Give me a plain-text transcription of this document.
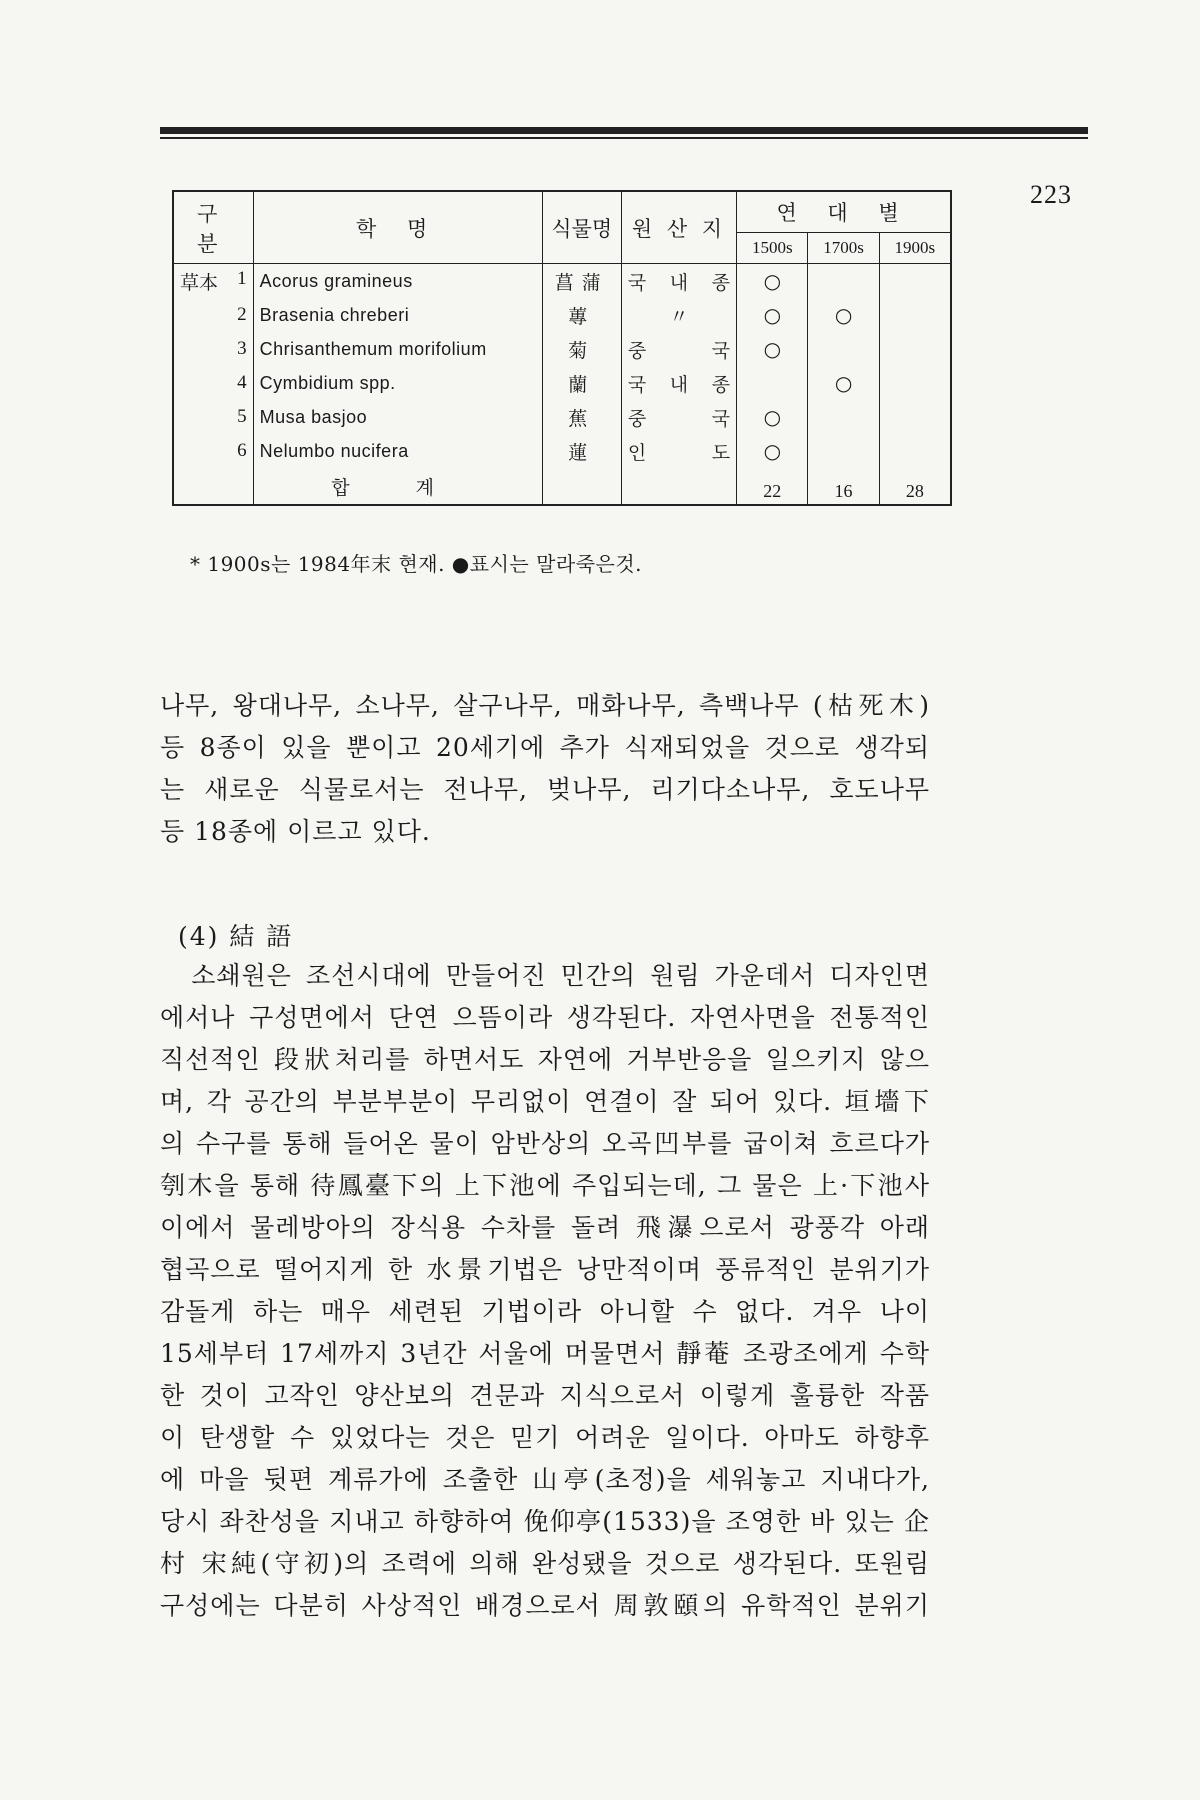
223
구 분	학 명	식물명	원 산 지	연 대 별		
				1500s	1700s	1900s

草本 1	Acorus gramineus	菖蒲	국 내 종	○		

2	Brasenia chreberi	蓴	〃	○	○	

3	Chrisanthemum morifolium	菊	중 국	○		

4	Cymbidium spp.	蘭	국 내 종		○	

5	Musa basjoo	蕉	중 국	○		

6	Nelumbo nucifera	蓮	인 도	○		
	합 계			22	16	28
* 1900s는 1984年末 현재. ●표시는 말라죽은것.
나무, 왕대나무, 소나무, 살구나무, 매화나무, 측백나무 (枯死木)
등 8종이 있을 뿐이고 20세기에 추가 식재되었을 것으로 생각되
는 새로운 식물로서는 전나무, 벚나무, 리기다소나무, 호도나무
등 18종에 이르고 있다.
(4) 結 語
　소쇄원은 조선시대에 만들어진 민간의 원림 가운데서 디자인면
에서나 구성면에서 단연 으뜸이라 생각된다. 자연사면을 전통적인
직선적인 段狀처리를 하면서도 자연에 거부반응을 일으키지 않으
며, 각 공간의 부분부분이 무리없이 연결이 잘 되어 있다. 垣墻下
의 수구를 통해 들어온 물이 암반상의 오곡凹부를 굽이쳐 흐르다가
刳木을 통해 待鳳臺下의 上下池에 주입되는데, 그 물은 上·下池사
이에서 물레방아의 장식용 수차를 돌려 飛瀑으로서 광풍각 아래
협곡으로 떨어지게 한 水景기법은 낭만적이며 풍류적인 분위기가
감돌게 하는 매우 세련된 기법이라 아니할 수 없다. 겨우 나이
15세부터 17세까지 3년간 서울에 머물면서 靜菴 조광조에게 수학
한 것이 고작인 양산보의 견문과 지식으로서 이렇게 훌륭한 작품
이 탄생할 수 있었다는 것은 믿기 어려운 일이다. 아마도 하향후
에 마을 뒷편 계류가에 조출한 山亭(초정)을 세워놓고 지내다가,
당시 좌찬성을 지내고 하향하여 俛仰亭(1533)을 조영한 바 있는 企
村 宋純(守初)의 조력에 의해 완성됐을 것으로 생각된다. 또원림
구성에는 다분히 사상적인 배경으로서 周敦頤의 유학적인 분위기
